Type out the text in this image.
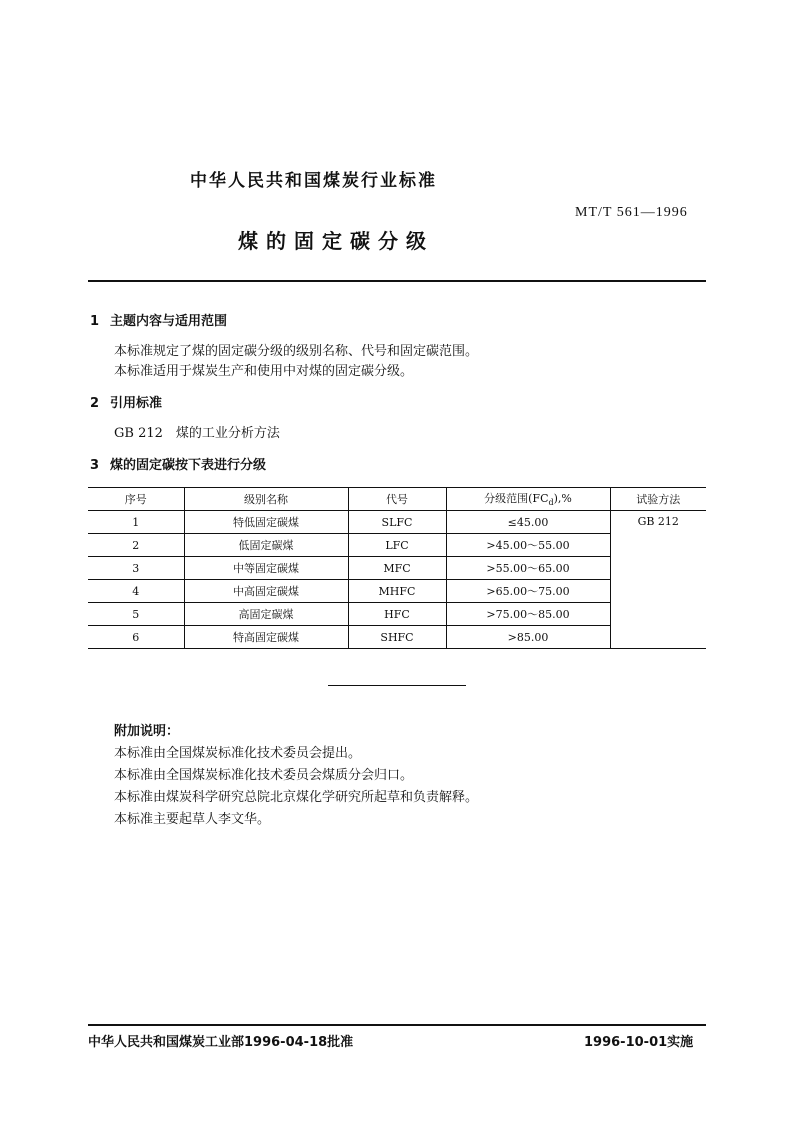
中华人民共和国煤炭行业标准
MT/T 561—1996
煤的固定碳分级
1 主题内容与适用范围
本标准规定了煤的固定碳分级的级别名称、代号和固定碳范围。
本标准适用于煤炭生产和使用中对煤的固定碳分级。
2 引用标准
GB 212　煤的工业分析方法
3 煤的固定碳按下表进行分级
序号	级别名称	代号	分级范围$(FC_d),\%$	试验方法
1	特低固定碳煤	SLFC	≤45.00	GB 212
2	低固定碳煤	LFC	>45.00～55.00	
3	中等固定碳煤	MFC	>55.00～65.00	
4	中高固定碳煤	MHFC	>65.00～75.00	
5	高固定碳煤	HFC	>75.00～85.00	
6	特高固定碳煤	SHFC	>85.00	
附加说明：
本标准由全国煤炭标准化技术委员会提出。
本标准由全国煤炭标准化技术委员会煤质分会归口。
本标准由煤炭科学研究总院北京煤化学研究所起草和负责解释。
本标准主要起草人李文华。
中华人民共和国煤炭工业部1996-04-18批准	1996-10-01实施
